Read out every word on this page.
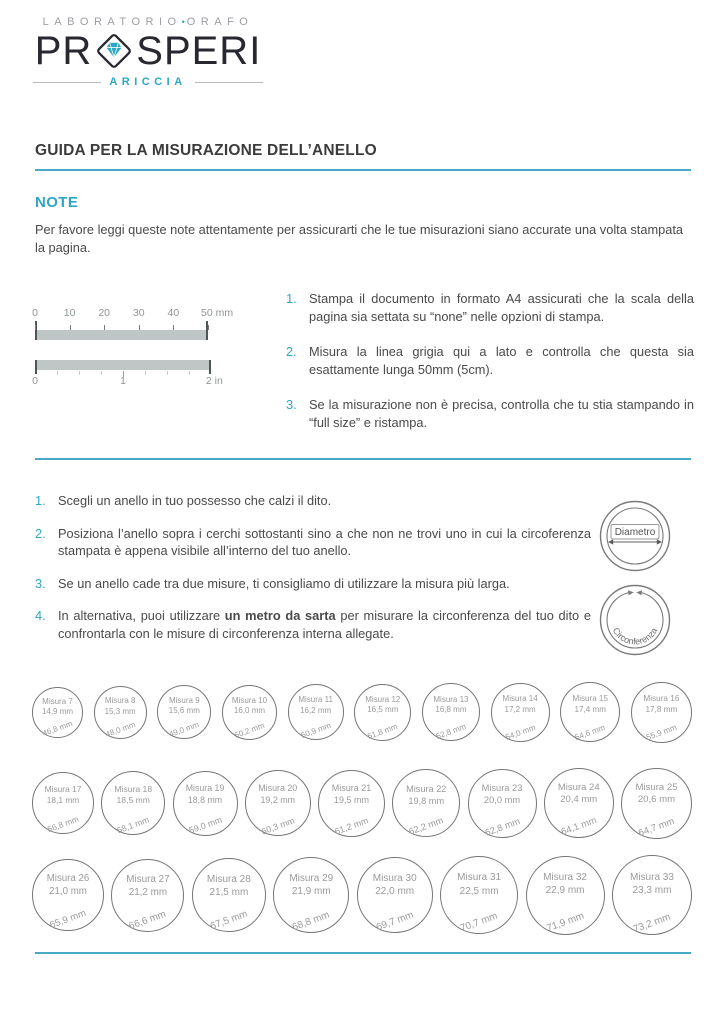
LABORATORIO•ORAFO
PR SPERI
ARICCIA
GUIDA PER LA MISURAZIONE DELL’ANELLO
NOTE
Per favore leggi queste note attentamente per assicurarti che le tue misurazioni siano accurate una volta stampata la pagina.
0 10 20 30 40 50 mm
0	1	2 in
1. Stampa il documento in formato A4 assicurati che la scala della pagina sia settata su “none” nelle opzioni di stampa.
2. Misura la linea grigia qui a lato e controlla che questa sia esattamente lunga 50mm (5cm).
3. Se la misurazione non è precisa, controlla che tu stia stampando in “full size” e ristampa.
1. Scegli un anello in tuo possesso che calzi il dito.
2. Posiziona l’anello sopra i cerchi sottostanti sino a che non ne trovi uno in cui la circoferenza stampata è appena visibile all’interno del tuo anello.
3. Se un anello cade tra due misure, ti consigliamo di utilizzare la misura più larga.
4. In alternativa, puoi utilizzare un metro da sarta per misurare la circonferenza del tuo dito e confrontarla con le misure di circonferenza interna allegate.
Diametro
Circonferenza
Misura 7
14,9 mm
46,8 mm
Misura 8
15,3 mm
48,0 mm
Misura 9
15,6 mm
49,0 mm
Misura 10
16,0 mm
50,2 mm
Misura 11
16,2 mm
50,9 mm
Misura 12
16,5 mm
51,8 mm
Misura 13
16,8 mm
52,8 mm
Misura 14
17,2 mm
54,0 mm
Misura 15
17,4 mm
54,6 mm
Misura 16
17,8 mm
55,9 mm
Misura 17
18,1 mm
56,8 mm
Misura 18
18,5 mm
58,1 mm
Misura 19
18,8 mm
59,0 mm
Misura 20
19,2 mm
60,3 mm
Misura 21
19,5 mm
61,2 mm
Misura 22
19,8 mm
62,2 mm
Misura 23
20,0 mm
62,8 mm
Misura 24
20,4 mm
64,1 mm
Misura 25
20,6 mm
64,7 mm
Misura 26
21,0 mm
65,9 mm
Misura 27
21,2 mm
66,6 mm
Misura 28
21,5 mm
67,5 mm
Misura 29
21,9 mm
68,8 mm
Misura 30
22,0 mm
69,7 mm
Misura 31
22,5 mm
70,7 mm
Misura 32
22,9 mm
71,9 mm
Misura 33
23,3 mm
73,2 mm
